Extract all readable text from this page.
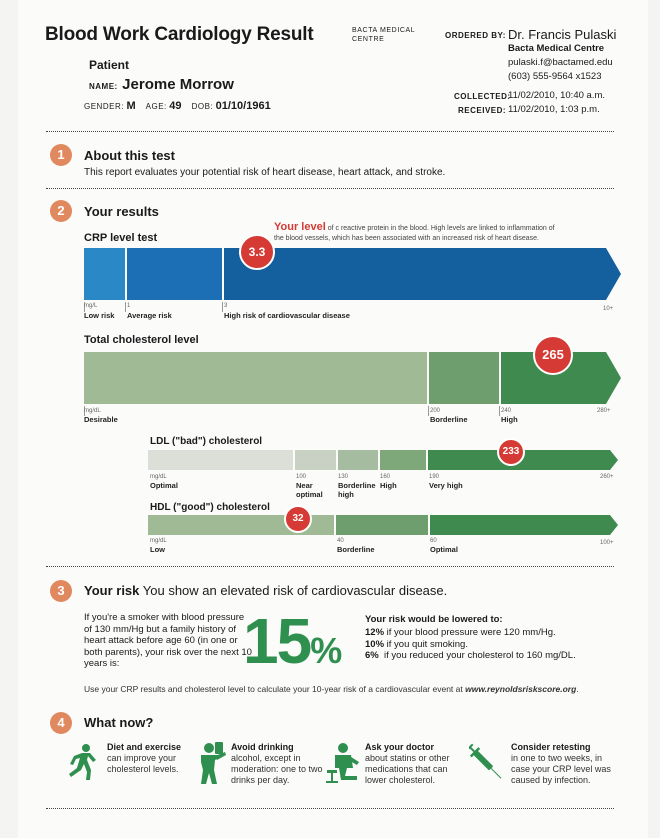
Blood Work Cardiology Result	BACTA MEDICAL CENTRE
Patient
NAME: Jerome Morrow
GENDER: M AGE: 49 DOB: 01/10/1961
ORDERED BY: Dr. Francis Pulaski
Bacta Medical Centre
pulaski.f@bactamed.edu
(603) 555-9564 x1523
COLLECTED:
11/02/2010, 10:40 a.m.
RECEIVED: 11/02/2010, 1:03 p.m.
1	About this test
This report evaluates your potential risk of heart disease, heart attack, and stroke.
2	Your results
CRP level test
Your level of c reactive protein in the blood. High levels are linked to inflammation of
the blood vessels, which has been associated with an increased risk of heart disease.
mg/L
Low risk
1
Average risk
3
High risk of cardiovascular disease
10+
3.3
Total cholesterol level
mg/dL
Desirable
200
Borderline
240
High
280+
265
LDL ("bad") cholesterol
mg/dL
Optimal
100
Near optimal
130
Borderline high
160
High
190
Very high
260+
233
HDL ("good") cholesterol
mg/dL
Low
40
Borderline
60
Optimal
100+
32
3	Your risk You show an elevated risk of cardiovascular disease.
If you're a smoker with blood pressure of 130 mm/Hg but a family history of heart attack before age 60 (in one or both parents), your risk over the next 10 years is:	15%
Your risk would be lowered to:
12% if your blood pressure were 120 mm/Hg.
10% if you quit smoking.
6% if you reduced your cholesterol to 160 mg/DL.
Use your CRP results and cholesterol level to calculate your 10-year risk of a cardiovascular event at www.reynoldsriskscore.org.
4	What now?
Diet and exercise
can improve your cholesterol levels.
Avoid drinking
alcohol, except in moderation: one to two drinks per day.
Ask your doctor
about statins or other medications that can lower cholesterol.
Consider retesting
in one to two weeks, in case your CRP level was caused by infection.
